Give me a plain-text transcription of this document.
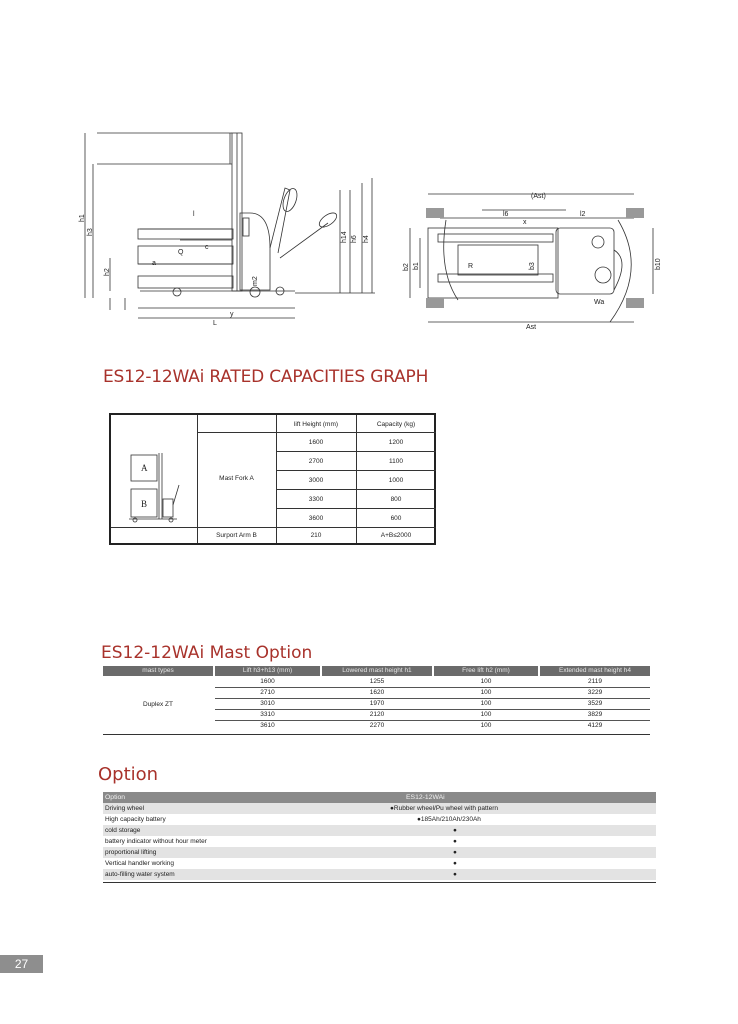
h1
h3
h2
l
c
Q
a
y
L
m2
h14 h6 h4
(Ast)
l6	l2
x
b2 b1	b3	b10
R
Wa
Ast
ES12-12WAi RATED CAPACITIES GRAPH
lift Height (mm)	Capacity (kg)
1600	1200
2700	1100
3000	1000
3300	800
3600	600
Mast Fork A
Surport Arm B	210	A+B≤2000
A
B
ES12-12WAi Mast Option
mast types	Lift h3+h13 (mm)	Lowered mast height h1	Free lift h2 (mm)	Extended mast height h4
Duplex ZT
1600	1255	100	2119
2710	1620	100	3229
3010	1970	100	3529
3310	2120	100	3829
3610	2270	100	4129
Option
Option	ES12-12WAi
Driving wheel	●Rubber wheel/Pu wheel with pattern
High capacity battery	●185Ah/210Ah/230Ah
cold storage	●
battery indicator without hour meter	●
proportional lifting	●
Vertical handler working	●
auto-filling water system	●
27
